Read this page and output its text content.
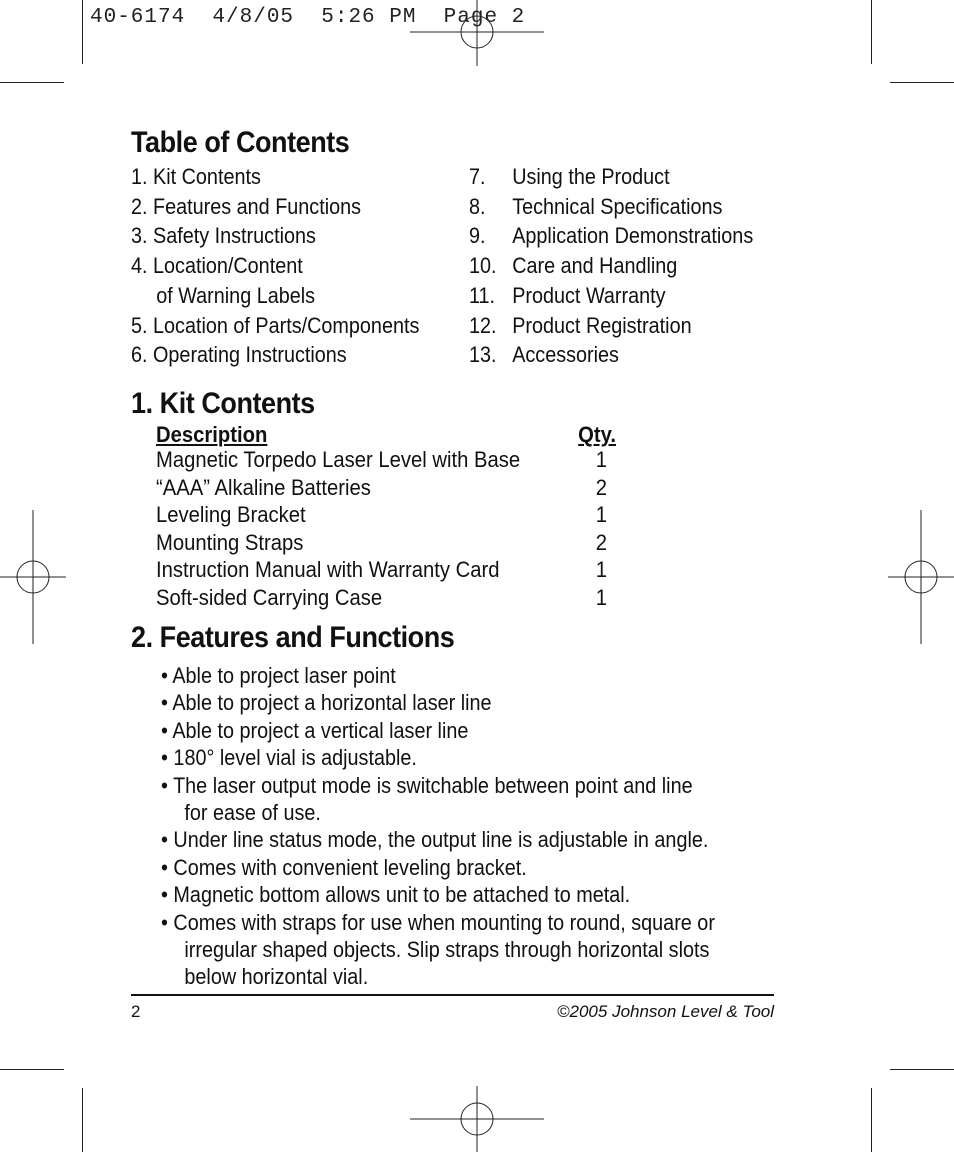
40-6174  4/8/05  5:26 PM  Page 2
Table of Contents
1. Kit Contents
2. Features and Functions
3. Safety Instructions
4. Location/Content
of Warning Labels
5. Location of Parts/Components
6. Operating Instructions
7.	Using the Product
8.	Technical Specifications
9.	Application Demonstrations
10. Care and Handling
11. Product Warranty
12. Product Registration
13. Accessories
1. Kit Contents
Description	Qty.
Magnetic Torpedo Laser Level with Base	1
“AAA” Alkaline Batteries	2
Leveling Bracket	1
Mounting Straps	2
Instruction Manual with Warranty Card	1
Soft-sided Carrying Case	1
2. Features and Functions
• Able to project laser point
• Able to project a horizontal laser line
• Able to project a vertical laser line
• 180° level vial is adjustable.
• The laser output mode is switchable between point and line
for ease of use.
• Under line status mode, the output line is adjustable in angle.
• Comes with convenient leveling bracket.
• Magnetic bottom allows unit to be attached to metal.
• Comes with straps for use when mounting to round, square or
irregular shaped objects. Slip straps through horizontal slots
below horizontal vial.
2	©2005 Johnson Level & Tool
